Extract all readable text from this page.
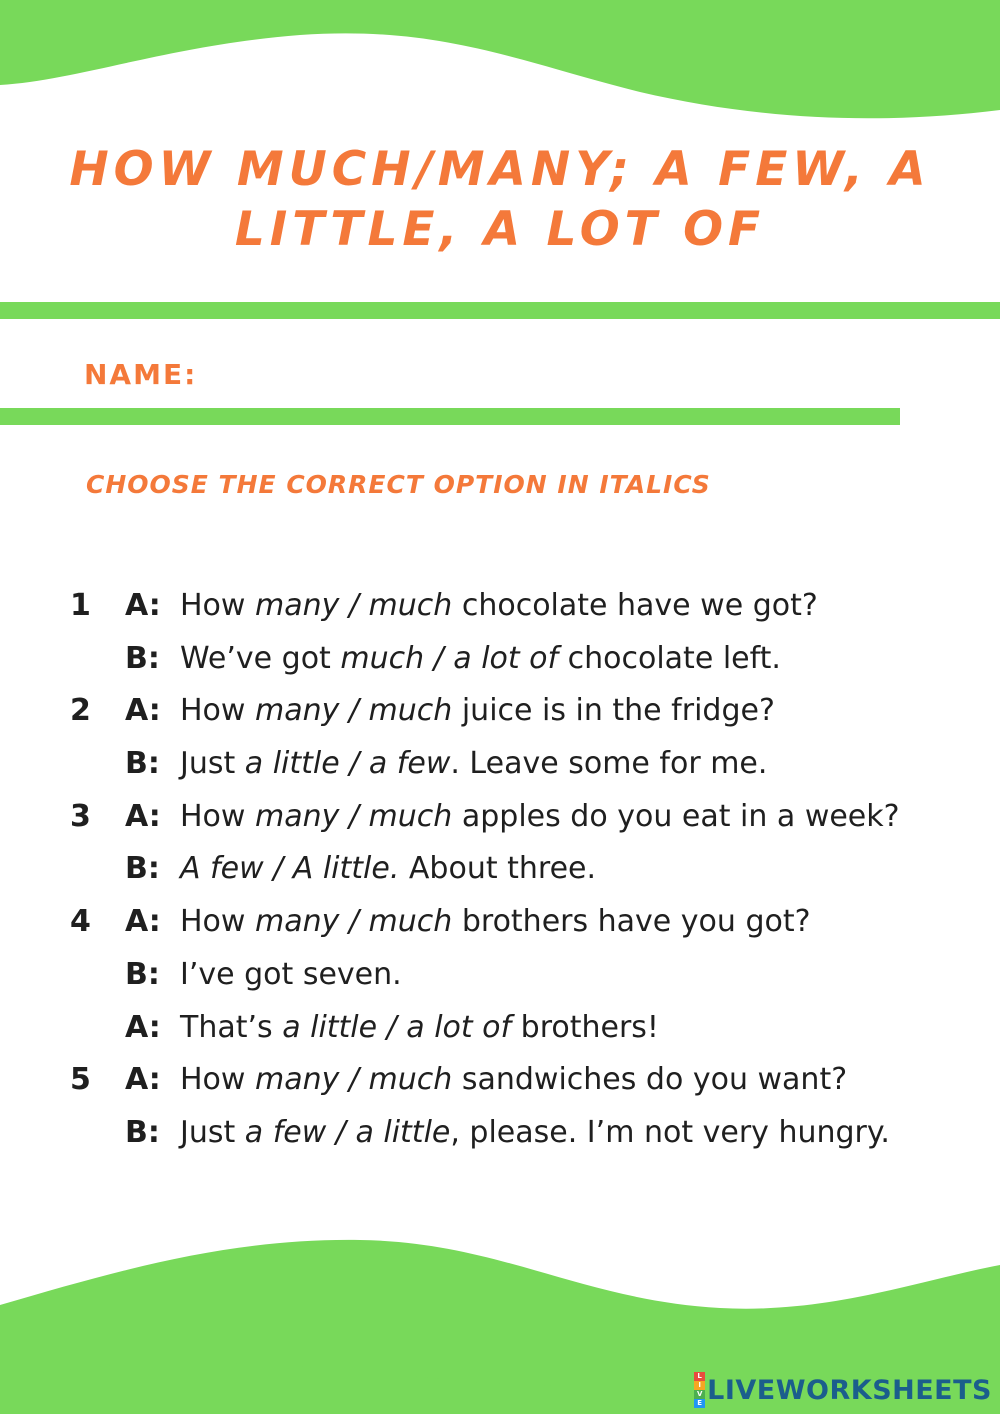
HOW MUCH/MANY; A FEW, A
LITTLE, A LOT OF
NAME:
CHOOSE THE CORRECT OPTION IN ITALICS
1 A: How many / much chocolate have we got?
B: We’ve got much / a lot of chocolate left.
2 A: How many / much juice is in the fridge?
B: Just a little / a few. Leave some for me.
3 A: How many / much apples do you eat in a week?
B: A few / A little. About three.
4 A: How many / much brothers have you got?
B: I’ve got seven.
A: That’s a little / a lot of brothers!
5 A: How many / much sandwiches do you want?
B: Just a few / a little, please. I’m not very hungry.
L
I
V
E LIVEWORKSHEETS
